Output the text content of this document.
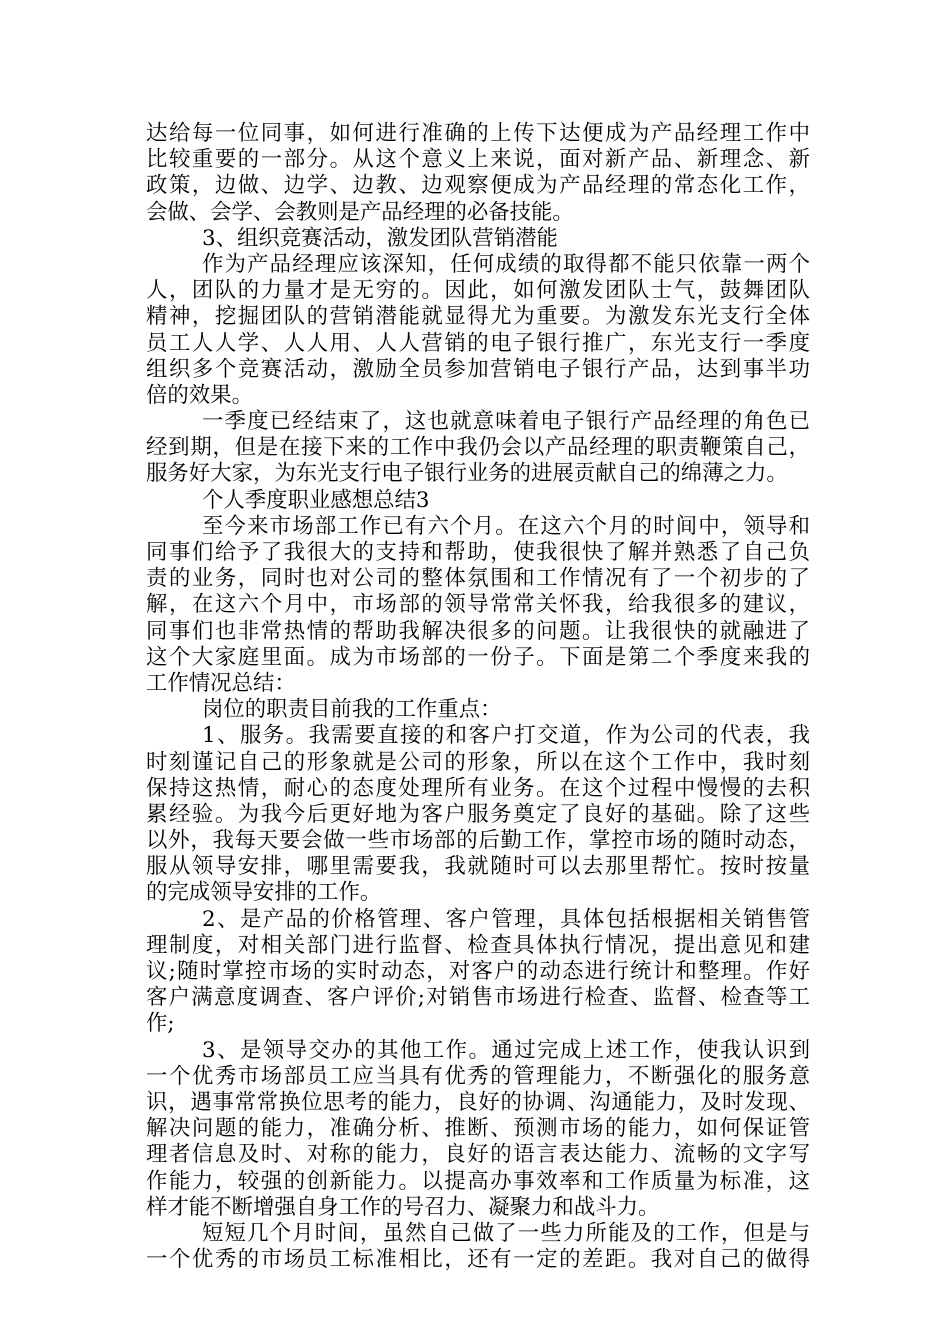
达给每一位同事，如何进行准确的上传下达便成为产品经理工作中
比较重要的一部分。从这个意义上来说，面对新产品、新理念、新
政策，边做、边学、边教、边观察便成为产品经理的常态化工作，
会做、会学、会教则是产品经理的必备技能。
3、组织竞赛活动，激发团队营销潜能
作为产品经理应该深知，任何成绩的取得都不能只依靠一两个
人，团队的力量才是无穷的。因此，如何激发团队士气，鼓舞团队
精神，挖掘团队的营销潜能就显得尤为重要。为激发东光支行全体
员工人人学、人人用、人人营销的电子银行推广，东光支行一季度
组织多个竞赛活动，激励全员参加营销电子银行产品，达到事半功
倍的效果。
一季度已经结束了，这也就意味着电子银行产品经理的角色已
经到期，但是在接下来的工作中我仍会以产品经理的职责鞭策自己，
服务好大家，为东光支行电子银行业务的进展贡献自己的绵薄之力。
个人季度职业感想总结3
至今来市场部工作已有六个月。在这六个月的时间中，领导和
同事们给予了我很大的支持和帮助，使我很快了解并熟悉了自己负
责的业务，同时也对公司的整体氛围和工作情况有了一个初步的了
解，在这六个月中，市场部的领导常常关怀我，给我很多的建议，
同事们也非常热情的帮助我解决很多的问题。让我很快的就融进了
这个大家庭里面。成为市场部的一份子。下面是第二个季度来我的
工作情况总结：
岗位的职责目前我的工作重点：
1、服务。我需要直接的和客户打交道，作为公司的代表，我
时刻谨记自己的形象就是公司的形象，所以在这个工作中，我时刻
保持这热情，耐心的态度处理所有业务。在这个过程中慢慢的去积
累经验。为我今后更好地为客户服务奠定了良好的基础。除了这些
以外，我每天要会做一些市场部的后勤工作，掌控市场的随时动态，
服从领导安排，哪里需要我，我就随时可以去那里帮忙。按时按量
的完成领导安排的工作。
2、是产品的价格管理、客户管理，具体包括根据相关销售管
理制度，对相关部门进行监督、检查具体执行情况，提出意见和建
议;随时掌控市场的实时动态，对客户的动态进行统计和整理。作好
客户满意度调查、客户评价;对销售市场进行检查、监督、检查等工
作;
3、是领导交办的其他工作。通过完成上述工作，使我认识到
一个优秀市场部员工应当具有优秀的管理能力，不断强化的服务意
识，遇事常常换位思考的能力，良好的协调、沟通能力，及时发现、
解决问题的能力，准确分析、推断、预测市场的能力，如何保证管
理者信息及时、对称的能力，良好的语言表达能力、流畅的文字写
作能力，较强的创新能力。以提高办事效率和工作质量为标准，这
样才能不断增强自身工作的号召力、凝聚力和战斗力。
短短几个月时间，虽然自己做了一些力所能及的工作，但是与
一个优秀的市场员工标准相比，还有一定的差距。我对自己的做得
